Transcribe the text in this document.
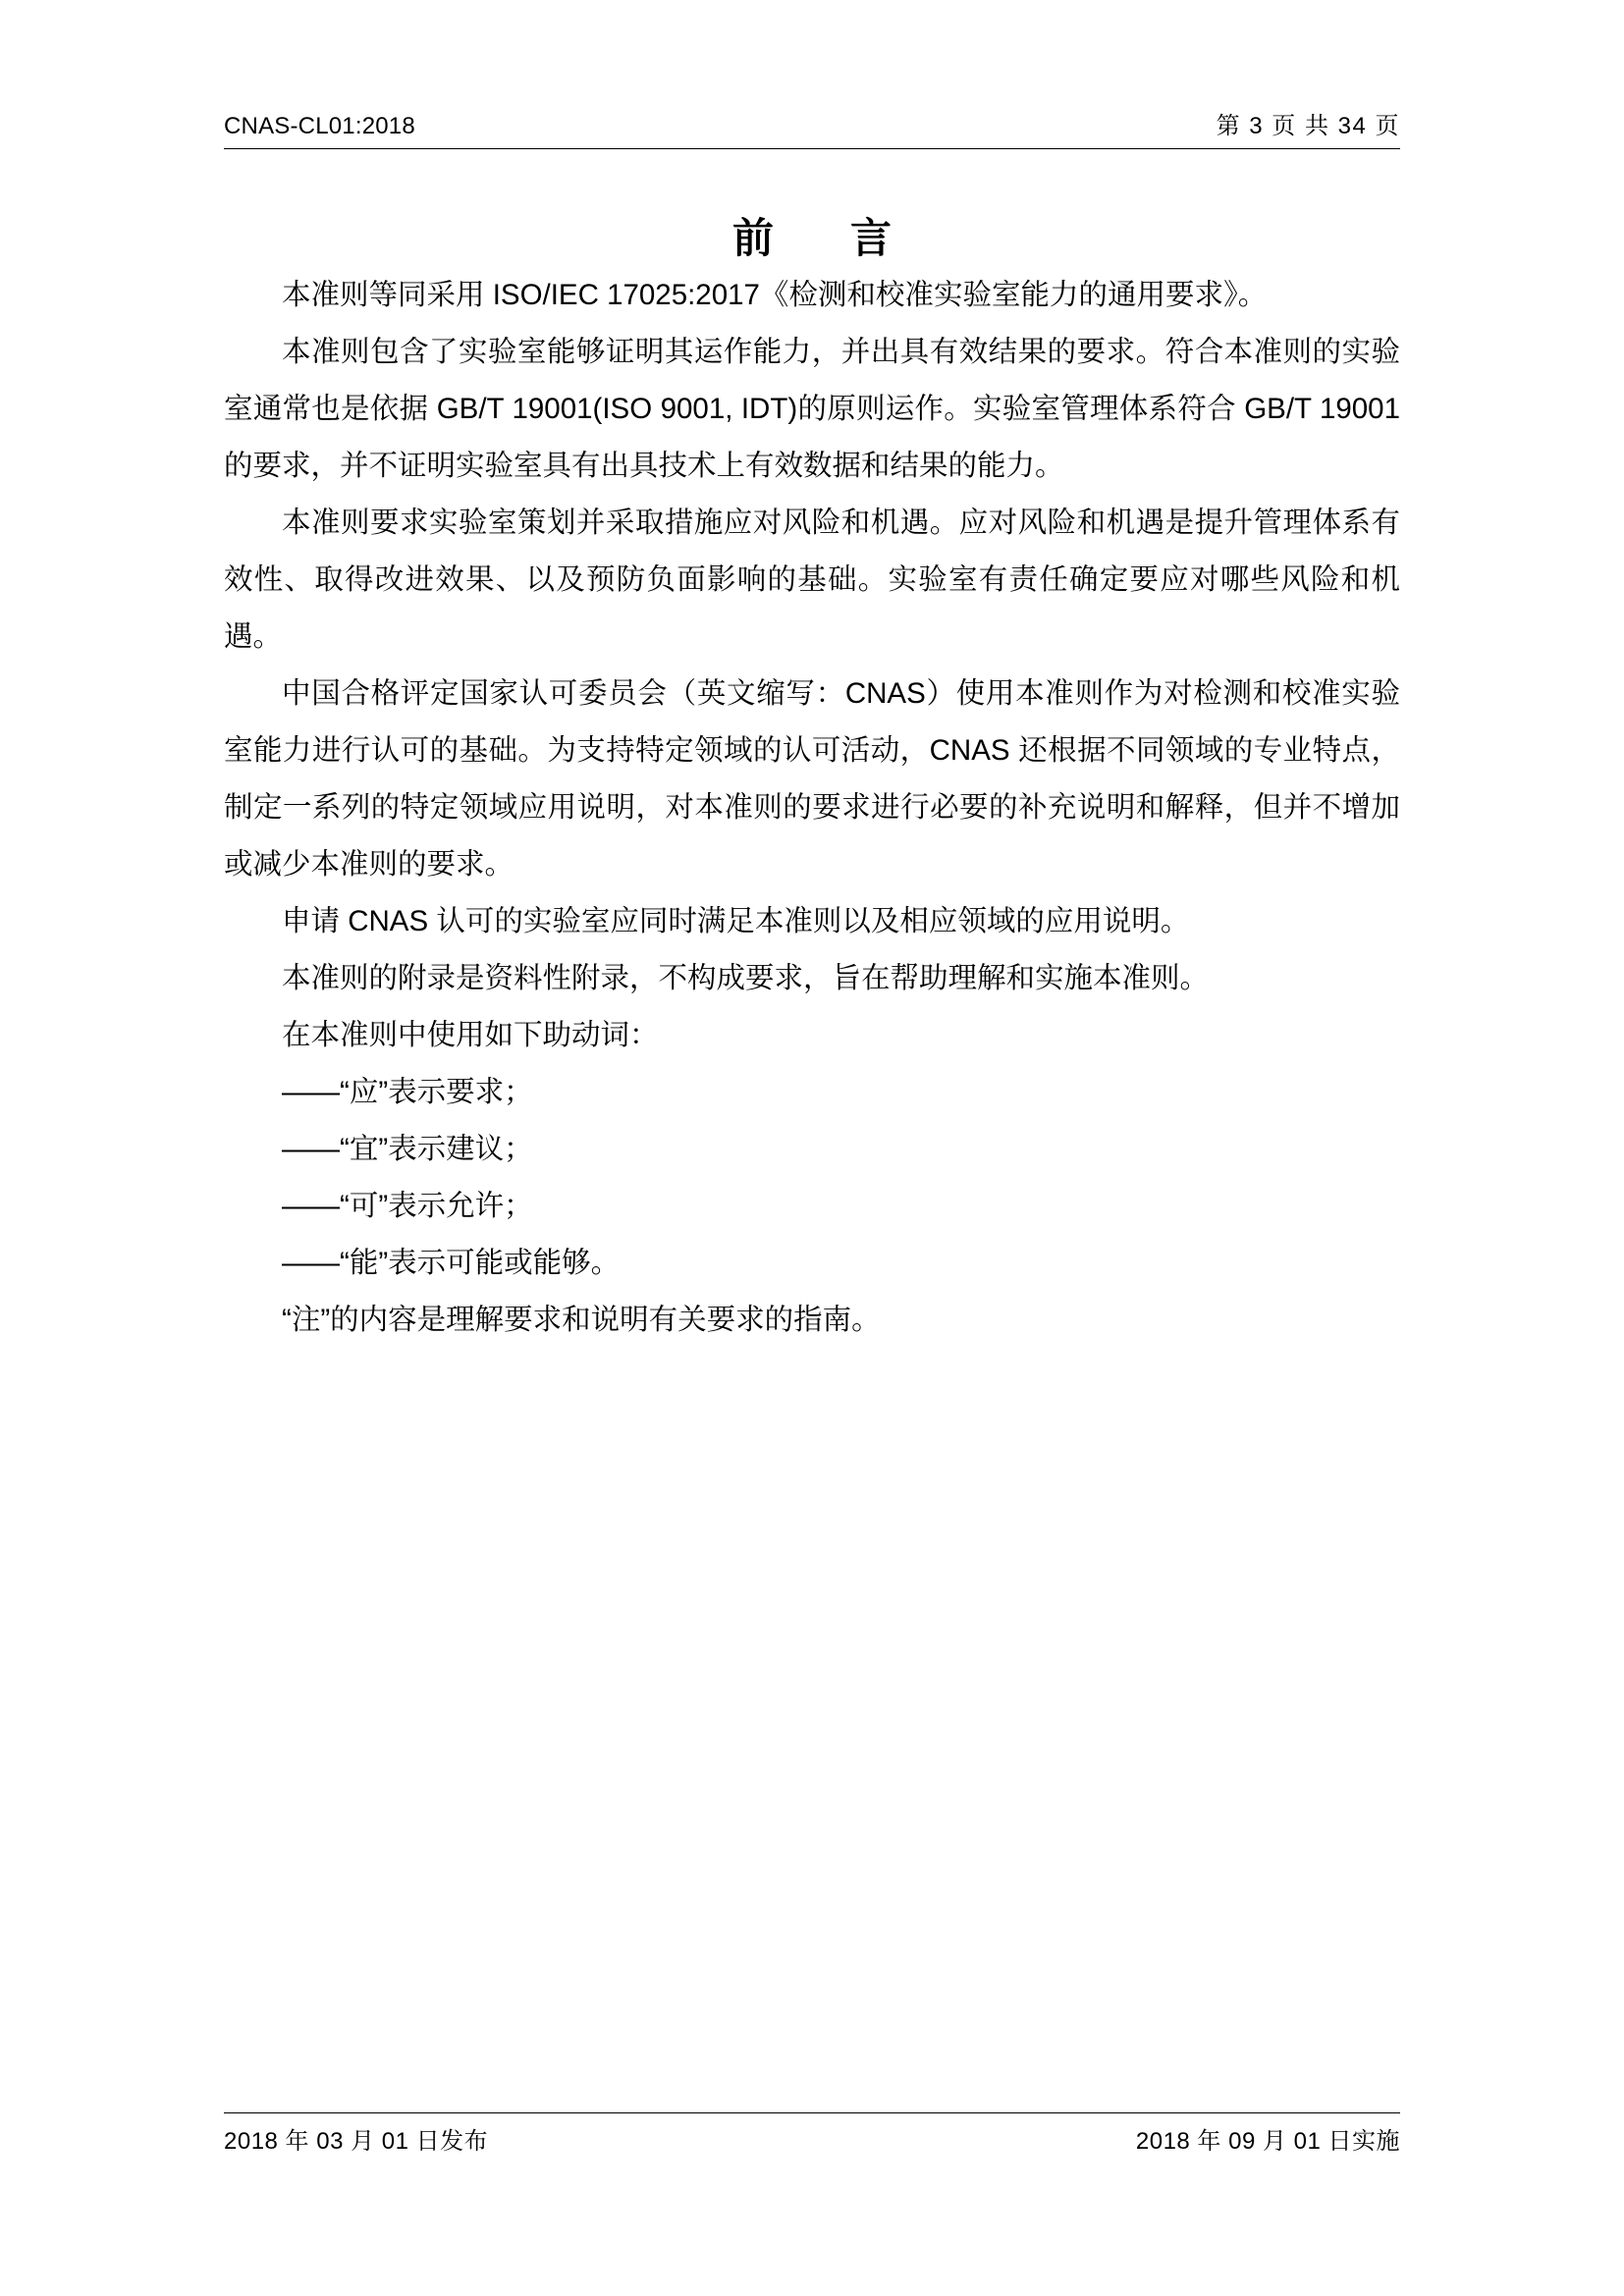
CNAS-CL01:2018	第 3 页 共 34 页
前　言

本准则等同采用 ISO/IEC 17025:2017《检测和校准实验室能力的通用要求》。

本准则包含了实验室能够证明其运作能力，并出具有效结果的要求。符合本准则的实验室通常也是依据 GB/T 19001(ISO 9001, IDT)的原则运作。实验室管理体系符合 GB/T 19001 的要求，并不证明实验室具有出具技术上有效数据和结果的能力。

本准则要求实验室策划并采取措施应对风险和机遇。应对风险和机遇是提升管理体系有效性、取得改进效果、以及预防负面影响的基础。实验室有责任确定要应对哪些风险和机遇。

中国合格评定国家认可委员会（英文缩写：CNAS）使用本准则作为对检测和校准实验室能力进行认可的基础。为支持特定领域的认可活动，CNAS 还根据不同领域的专业特点，制定一系列的特定领域应用说明，对本准则的要求进行必要的补充说明和解释，但并不增加或减少本准则的要求。

申请 CNAS 认可的实验室应同时满足本准则以及相应领域的应用说明。

本准则的附录是资料性附录，不构成要求，旨在帮助理解和实施本准则。

在本准则中使用如下助动词：

——“应”表示要求；

——“宜”表示建议；

——“可”表示允许；

——“能”表示可能或能够。

“注”的内容是理解要求和说明有关要求的指南。

2018 年 03 月 01 日发布	2018 年 09 月 01 日实施
